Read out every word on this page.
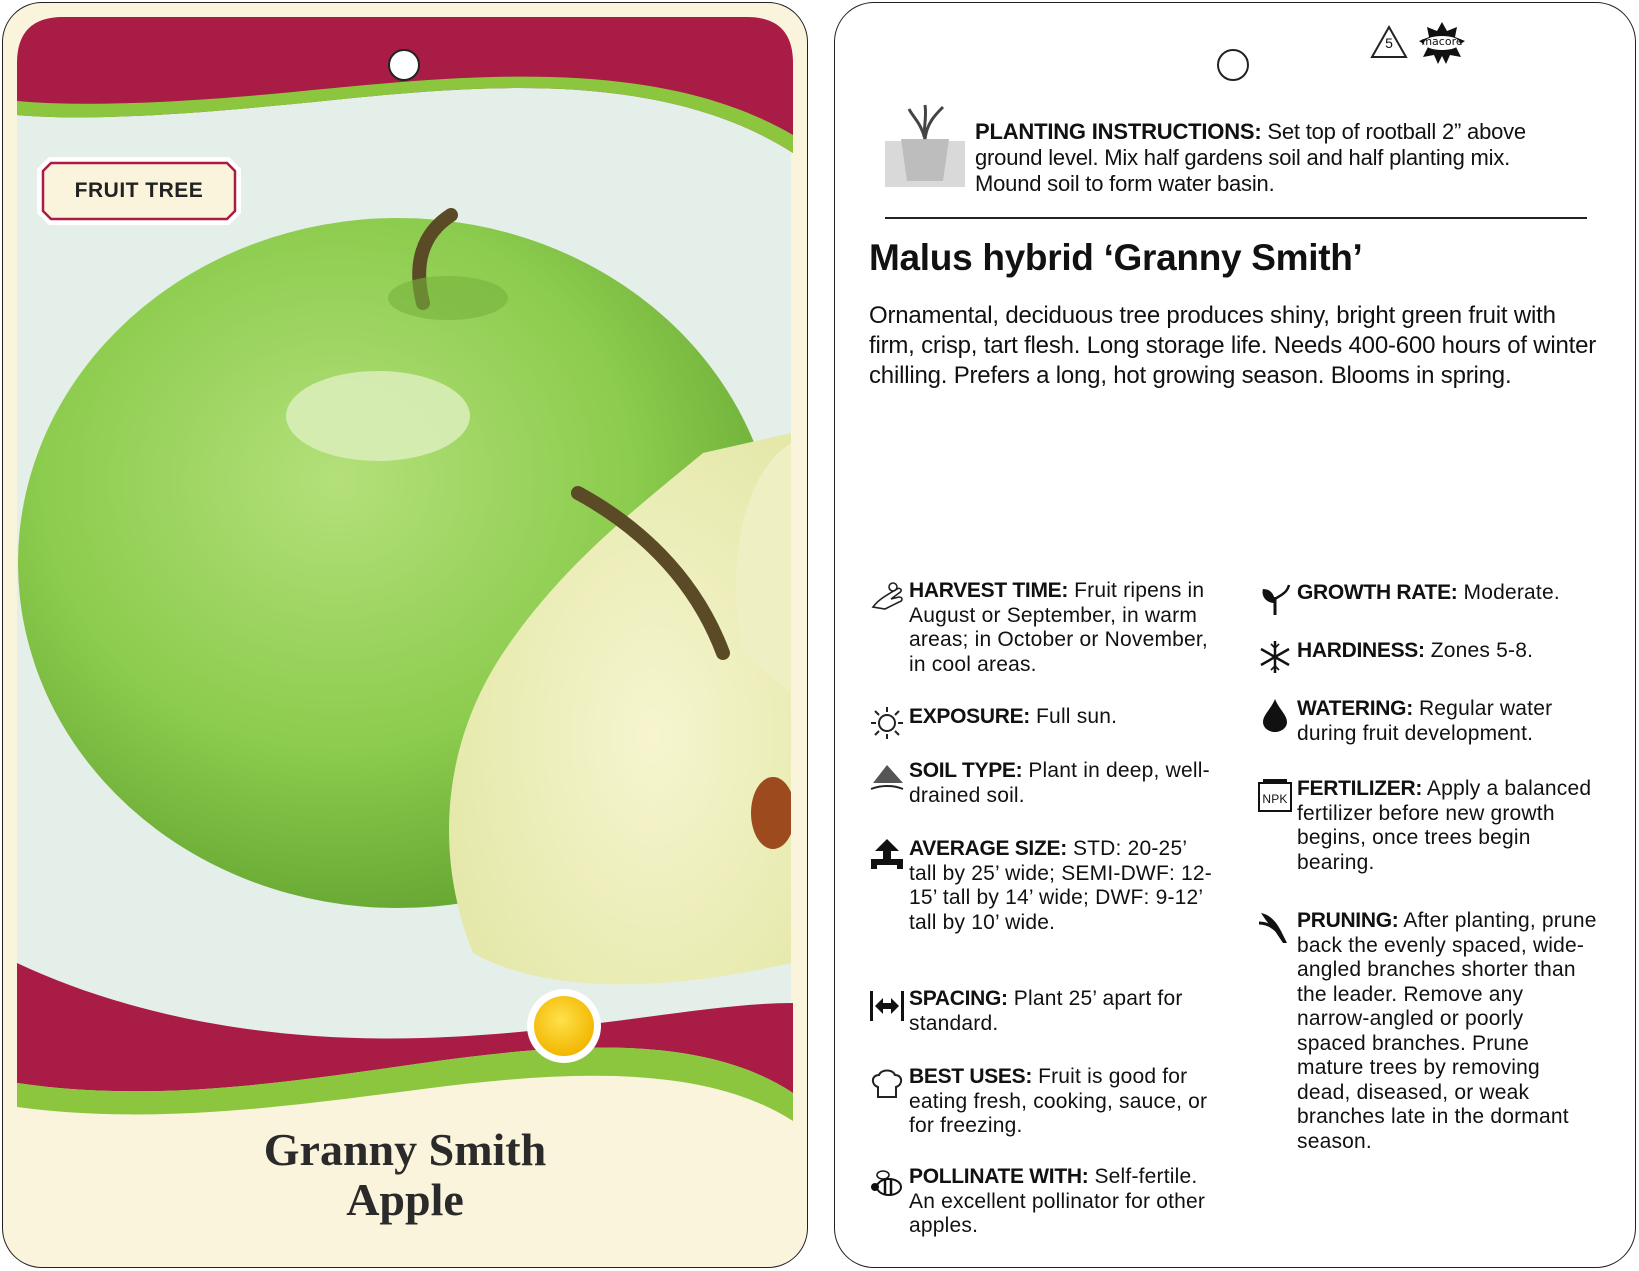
FRUIT TREE
Granny Smith
Apple
5	macore
PLANTING INSTRUCTIONS: Set top of rootball 2” above ground level. Mix half gardens soil and half planting mix. Mound soil to form water basin.
Malus hybrid ‘Granny Smith’
Ornamental, deciduous tree produces shiny, bright green fruit with firm, crisp, tart flesh. Long storage life. Needs 400-600 hours of winter chilling. Prefers a long, hot growing season. Blooms in spring.
HARVEST TIME: Fruit ripens in August or September, in warm areas; in October or November, in cool areas.
EXPOSURE: Full sun.
SOIL TYPE: Plant in deep, well-drained soil.
AVERAGE SIZE: STD: 20-25’ tall by 25’ wide; SEMI-DWF: 12-15’ tall by 14’ wide; DWF: 9-12’ tall by 10’ wide.
SPACING: Plant 25’ apart for standard.
BEST USES: Fruit is good for eating fresh, cooking, sauce, or for freezing.
POLLINATE WITH: Self-fertile. An excellent pollinator for other apples.
GROWTH RATE: Moderate.
HARDINESS: Zones 5-8.
WATERING: Regular water during fruit development.
NPK FERTILIZER: Apply a balanced fertilizer before new growth begins, once trees begin bearing.
PRUNING: After planting, prune back the evenly spaced, wide-angled branches shorter than the leader. Remove any narrow-angled or poorly spaced branches. Prune mature trees by removing dead, diseased, or weak branches late in the dormant season.
